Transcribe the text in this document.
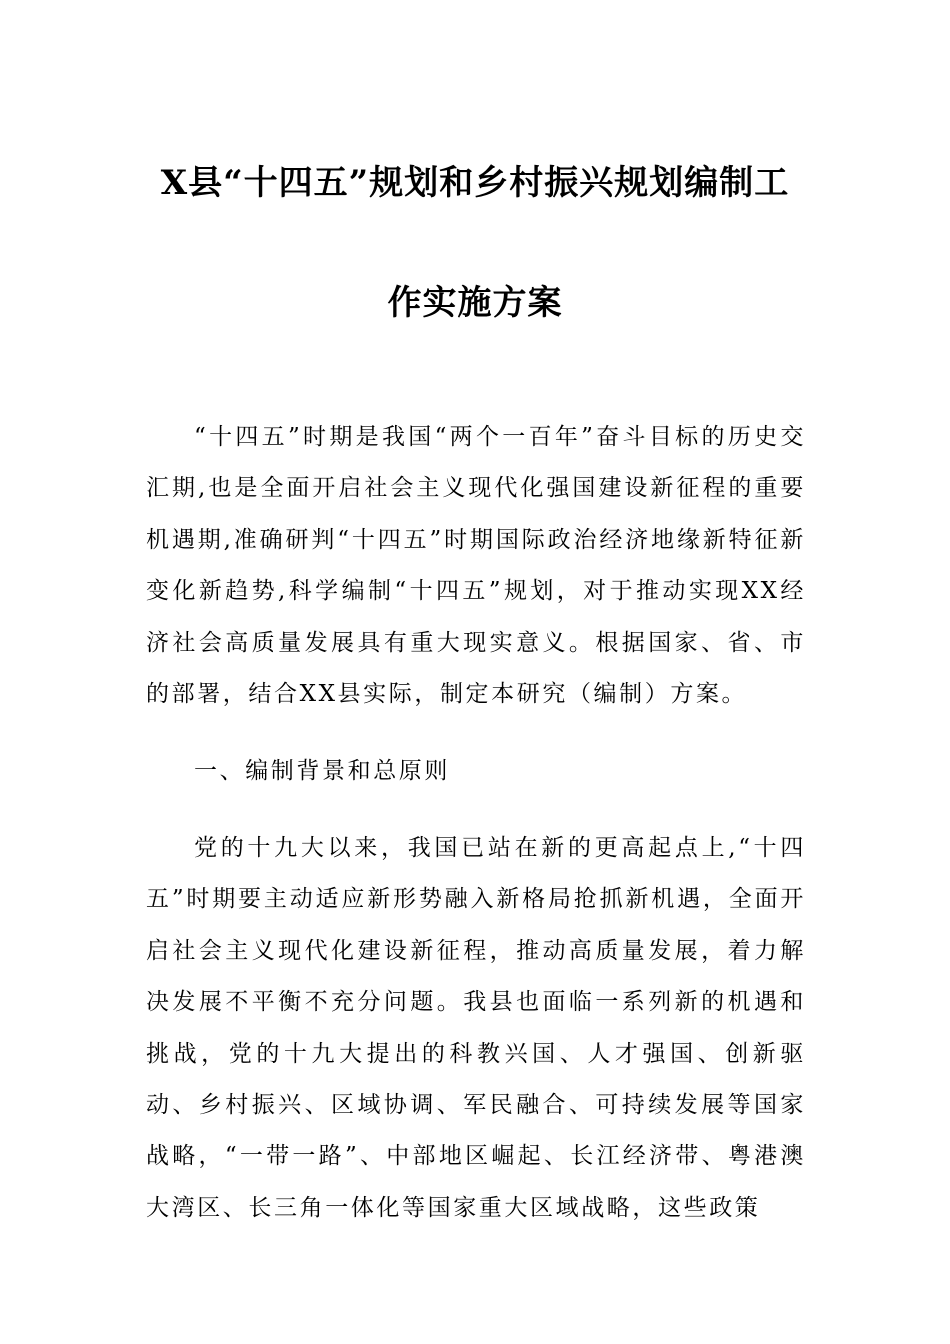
X县“十四五”规划和乡村振兴规划编制工
作实施方案
“十四五”时期是我国“两个一百年”奋斗目标的历史交汇期,也是全面开启社会主义现代化强国建设新征程的重要机遇期,准确研判“十四五”时期国际政治经济地缘新特征新变化新趋势,科学编制“十四五”规划，对于推动实现XX经济社会高质量发展具有重大现实意义。根据国家、省、市的部署，结合XX县实际，制定本研究（编制）方案。
一、编制背景和总原则
党的十九大以来，我国已站在新的更高起点上,“十四五”时期要主动适应新形势融入新格局抢抓新机遇，全面开启社会主义现代化建设新征程，推动高质量发展，着力解决发展不平衡不充分问题。我县也面临一系列新的机遇和挑战，党的十九大提出的科教兴国、人才强国、创新驱动、乡村振兴、区域协调、军民融合、可持续发展等国家战略，“一带一路”、中部地区崛起、长江经济带、粤港澳大湾区、长三角一体化等国家重大区域战略，这些政策
